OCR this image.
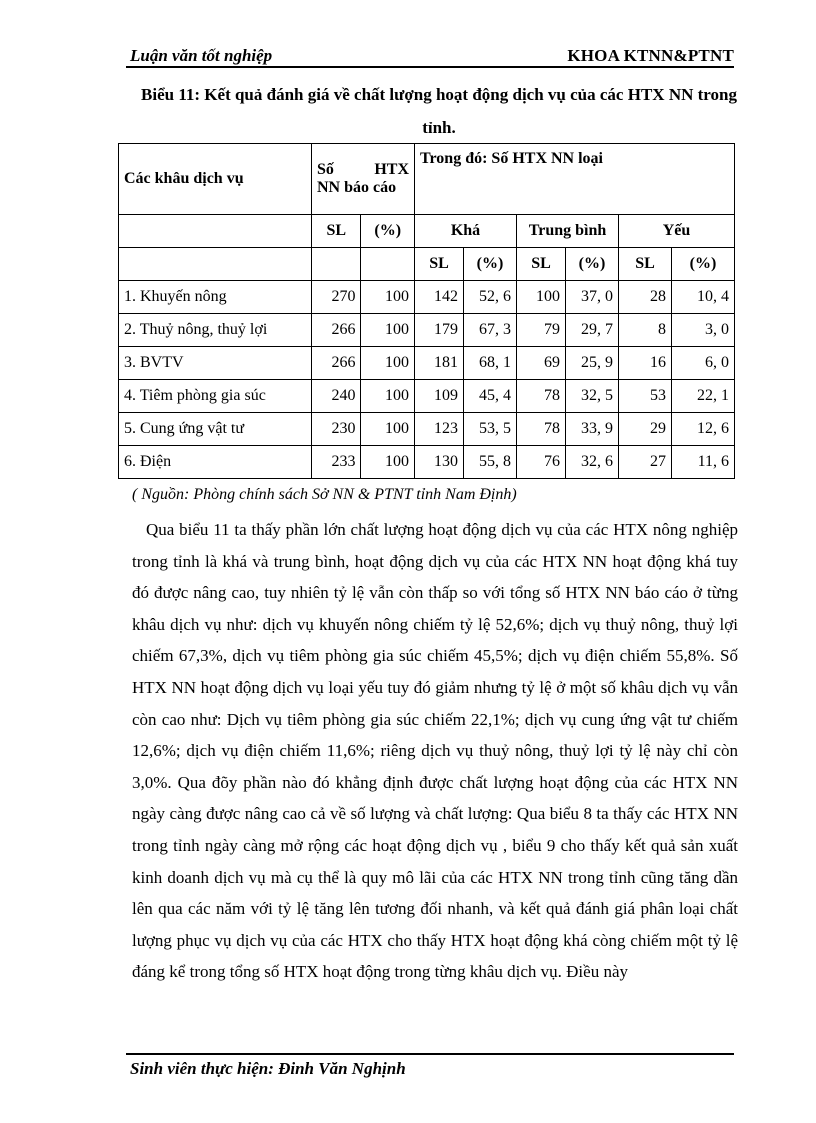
Luận văn tốt nghiệp	KHOA KTNN&PTNT
Biểu 11: Kết quả đánh giá về chất lượng hoạt động dịch vụ của các HTX NN trong tỉnh.
Các khâu dịch vụ	Số HTX
NN báo cáo		Trong đó: Số HTX NN loại					
	SL	(%)	Khá		Trung bình		Yếu	
			SL	(%)	SL	(%)	SL	(%)
1. Khuyến nông	270	100	142	52, 6	100	37, 0	28	10, 4
2. Thuỷ nông, thuỷ lợi	266	100	179	67, 3	79	29, 7	8	3, 0
3. BVTV	266	100	181	68, 1	69	25, 9	16	6, 0
4. Tiêm phòng gia súc	240	100	109	45, 4	78	32, 5	53	22, 1
5. Cung ứng vật tư	230	100	123	53, 5	78	33, 9	29	12, 6
6. Điện	233	100	130	55, 8	76	32, 6	27	11, 6
( Nguồn: Phòng chính sách Sở NN & PTNT tỉnh Nam Định)

Qua biểu 11 ta thấy phần lớn chất lượng hoạt động dịch vụ của các HTX nông nghiệp trong tỉnh là khá và trung bình, hoạt động dịch vụ của các HTX NN hoạt động khá tuy đó được nâng cao, tuy nhiên tỷ lệ vẫn còn thấp so với tổng số HTX NN báo cáo ở từng khâu dịch vụ như: dịch vụ khuyến nông chiếm tỷ lệ 52,6%; dịch vụ thuỷ nông, thuỷ lợi chiếm 67,3%, dịch vụ tiêm phòng gia súc chiếm 45,5%; dịch vụ điện chiếm 55,8%. Số HTX NN hoạt động dịch vụ loại yếu tuy đó giảm nhưng tỷ lệ ở một số khâu dịch vụ vẫn còn cao như: Dịch vụ tiêm phòng gia súc chiếm 22,1%; dịch vụ cung ứng vật tư chiếm 12,6%; dịch vụ điện chiếm 11,6%; riêng dịch vụ thuỷ nông, thuỷ lợi tỷ lệ này chỉ còn 3,0%. Qua đõy phần nào đó khẳng định được chất lượng hoạt động của các HTX NN ngày càng được nâng cao cả về số lượng và chất lượng: Qua biểu 8 ta thấy các HTX NN trong tỉnh ngày càng mở rộng các hoạt động dịch vụ , biểu 9 cho thấy kết quả sản xuất kinh doanh dịch vụ mà cụ thể là quy mô lãi của các HTX NN trong tỉnh cũng tăng dần lên qua các năm với tỷ lệ tăng lên tương đối nhanh, và kết quả đánh giá phân loại chất lượng phục vụ dịch vụ của các HTX cho thấy HTX hoạt động khá còng chiếm một tỷ lệ đáng kể trong tổng số HTX hoạt động trong từng khâu dịch vụ. Điều này

Sinh viên thực hiện: Đinh Văn Nghịnh
